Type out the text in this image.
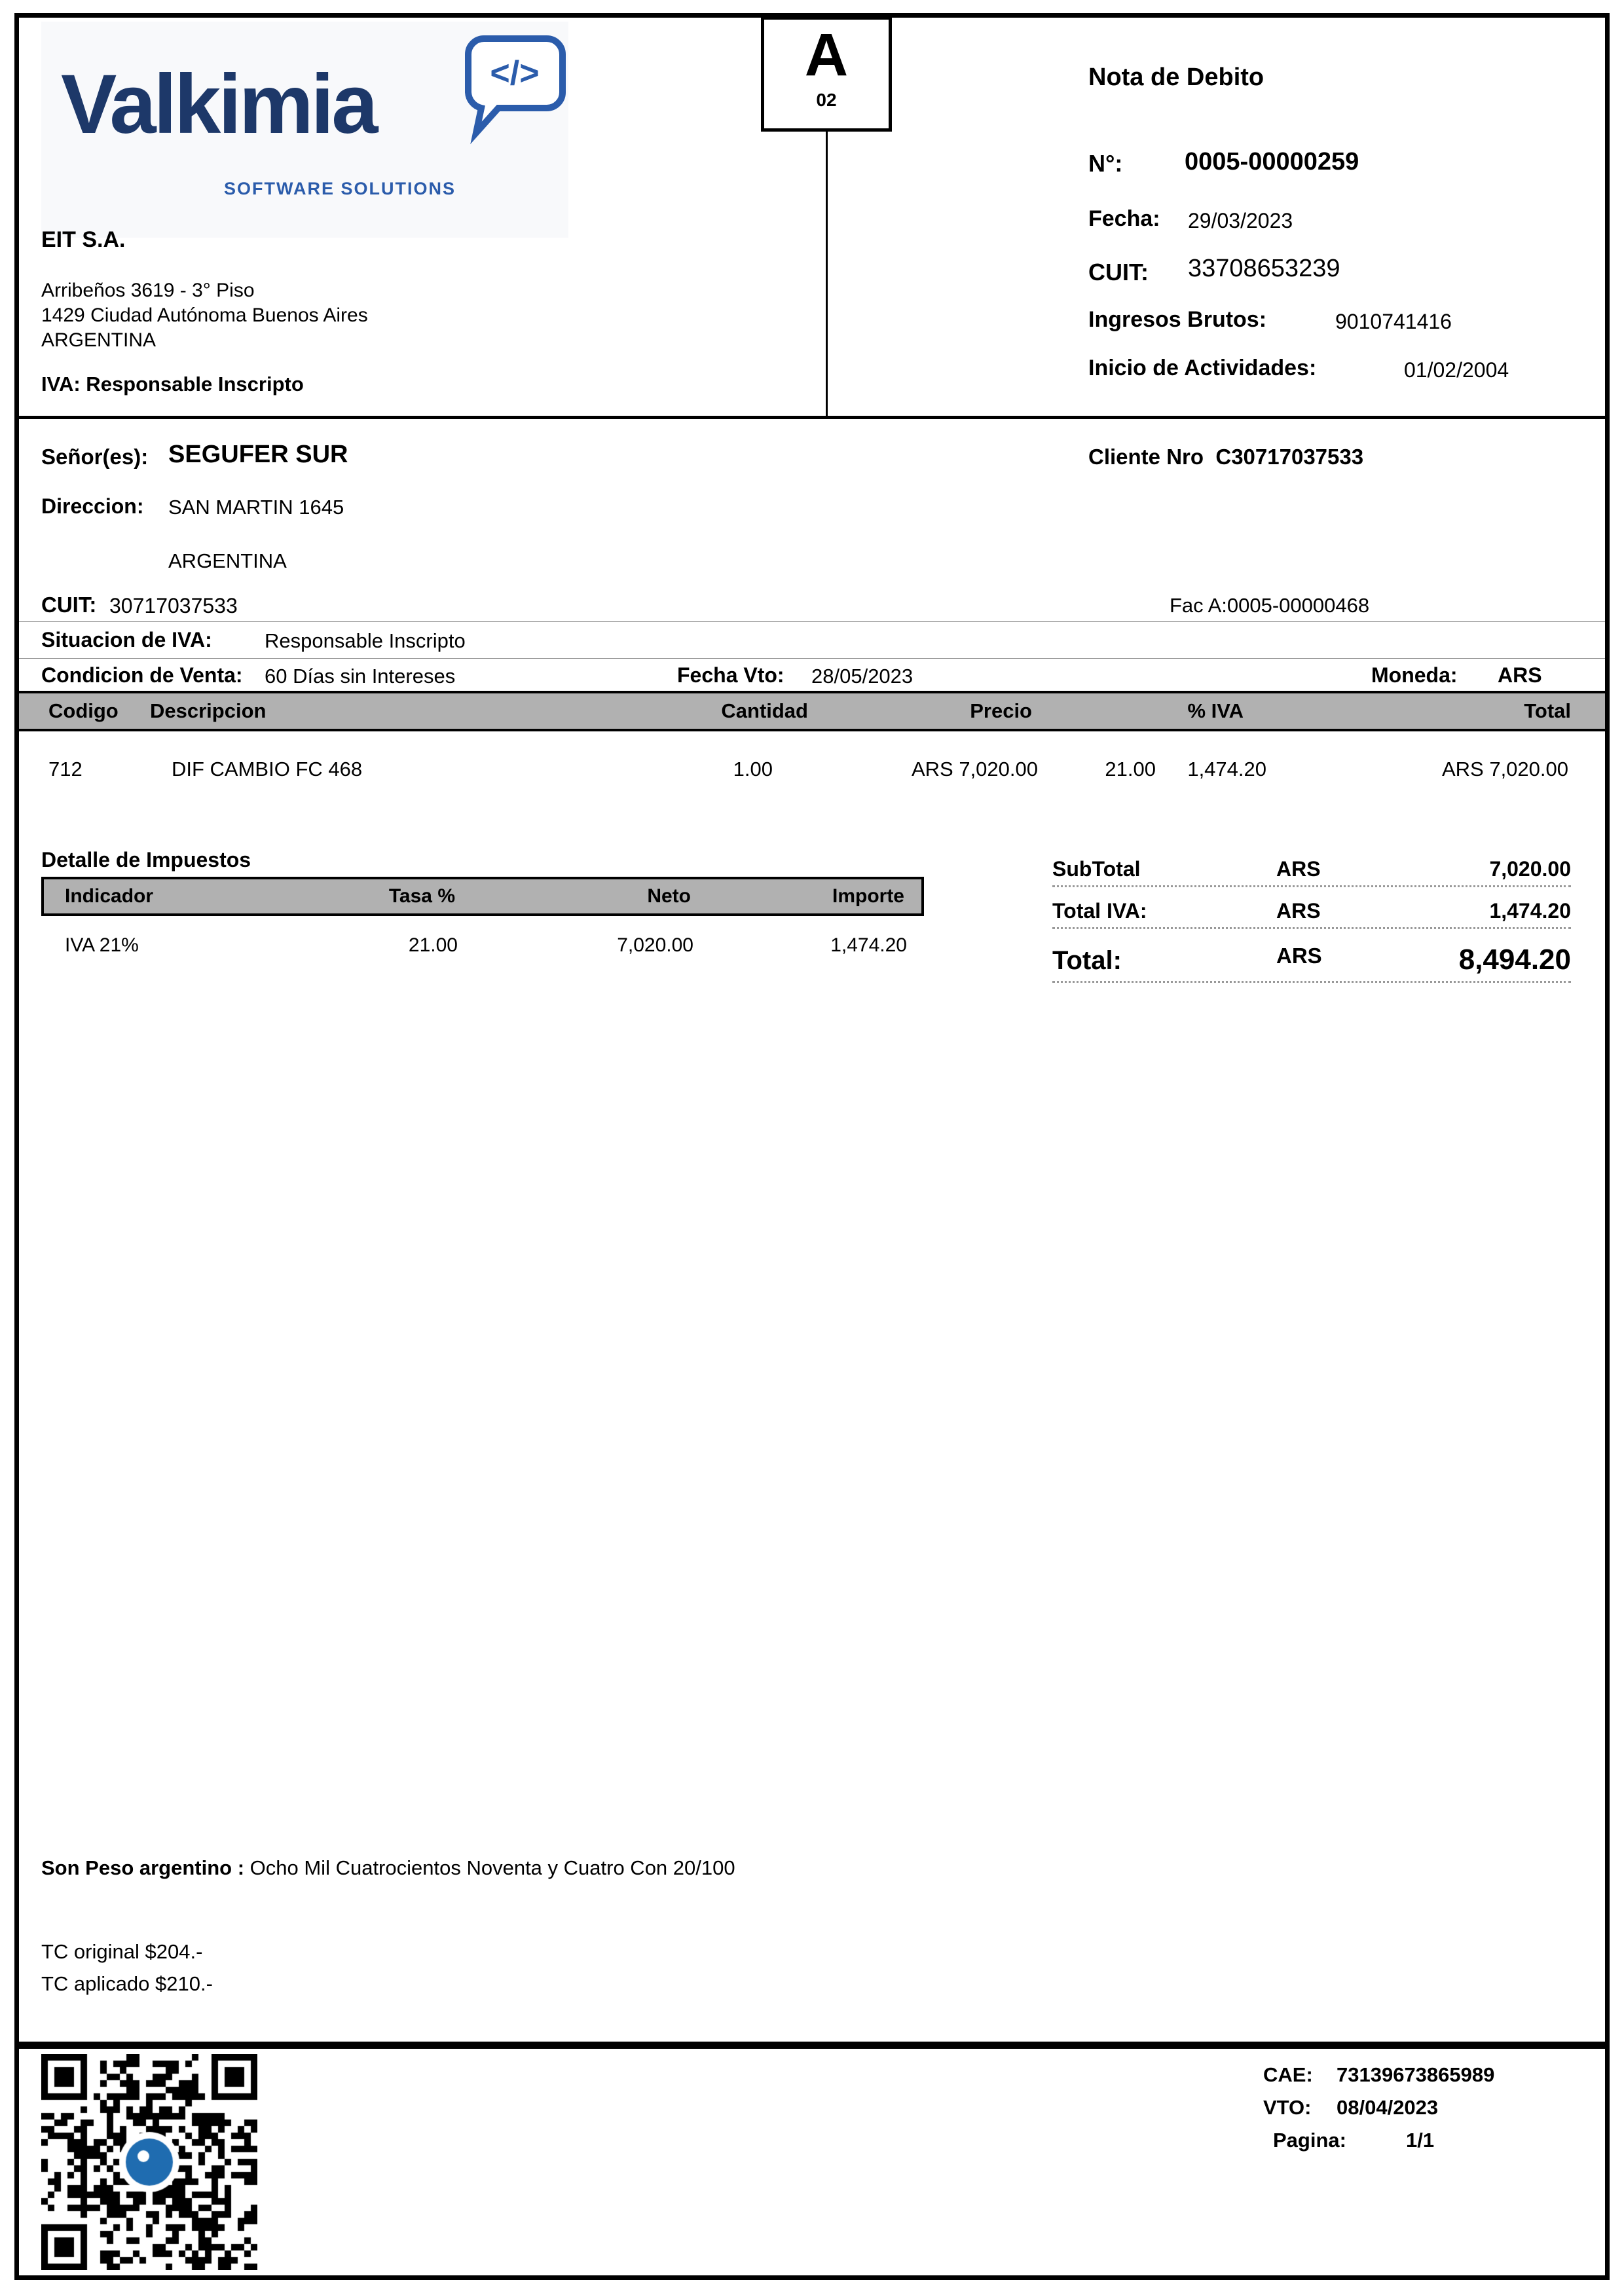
Valkimia	</>
SOFTWARE SOLUTIONS
EIT S.A.
Arribeños 3619 - 3° Piso
1429 Ciudad Autónoma Buenos Aires
ARGENTINA
IVA: Responsable Inscripto
A
02
Nota de Debito
N°: 0005-00000259
Fecha: 29/03/2023
CUIT: 33708653239
Ingresos Brutos:	9010741416
Inicio de Actividades:	01/02/2004
Señor(es): SEGUFER SUR	Cliente Nro C30717037533
Direccion: SAN MARTIN 1645
ARGENTINA
CUIT: 30717037533	Fac A:0005-00000468
Situacion de IVA:	Responsable Inscripto
Condicion de Venta: 60 Días sin Intereses	Fecha Vto: 28/05/2023	Moneda: ARS
Codigo Descripcion	Cantidad	Precio	% IVA	Total
712	DIF CAMBIO FC 468	1.00	ARS 7,020.00	21.00 1,474.20	ARS 7,020.00
Detalle de Impuestos
Indicador	Tasa %	Neto	Importe
IVA 21%	21.00	7,020.00	1,474.20
SubTotal	ARS	7,020.00
Total IVA:	ARS	1,474.20
Total:	ARS	8,494.20
Son Peso argentino : Ocho Mil Cuatrocientos Noventa y Cuatro Con 20/100
TC original $204.-
TC aplicado $210.-
CAE: 73139673865989
VTO: 08/04/2023
Pagina:	1/1
